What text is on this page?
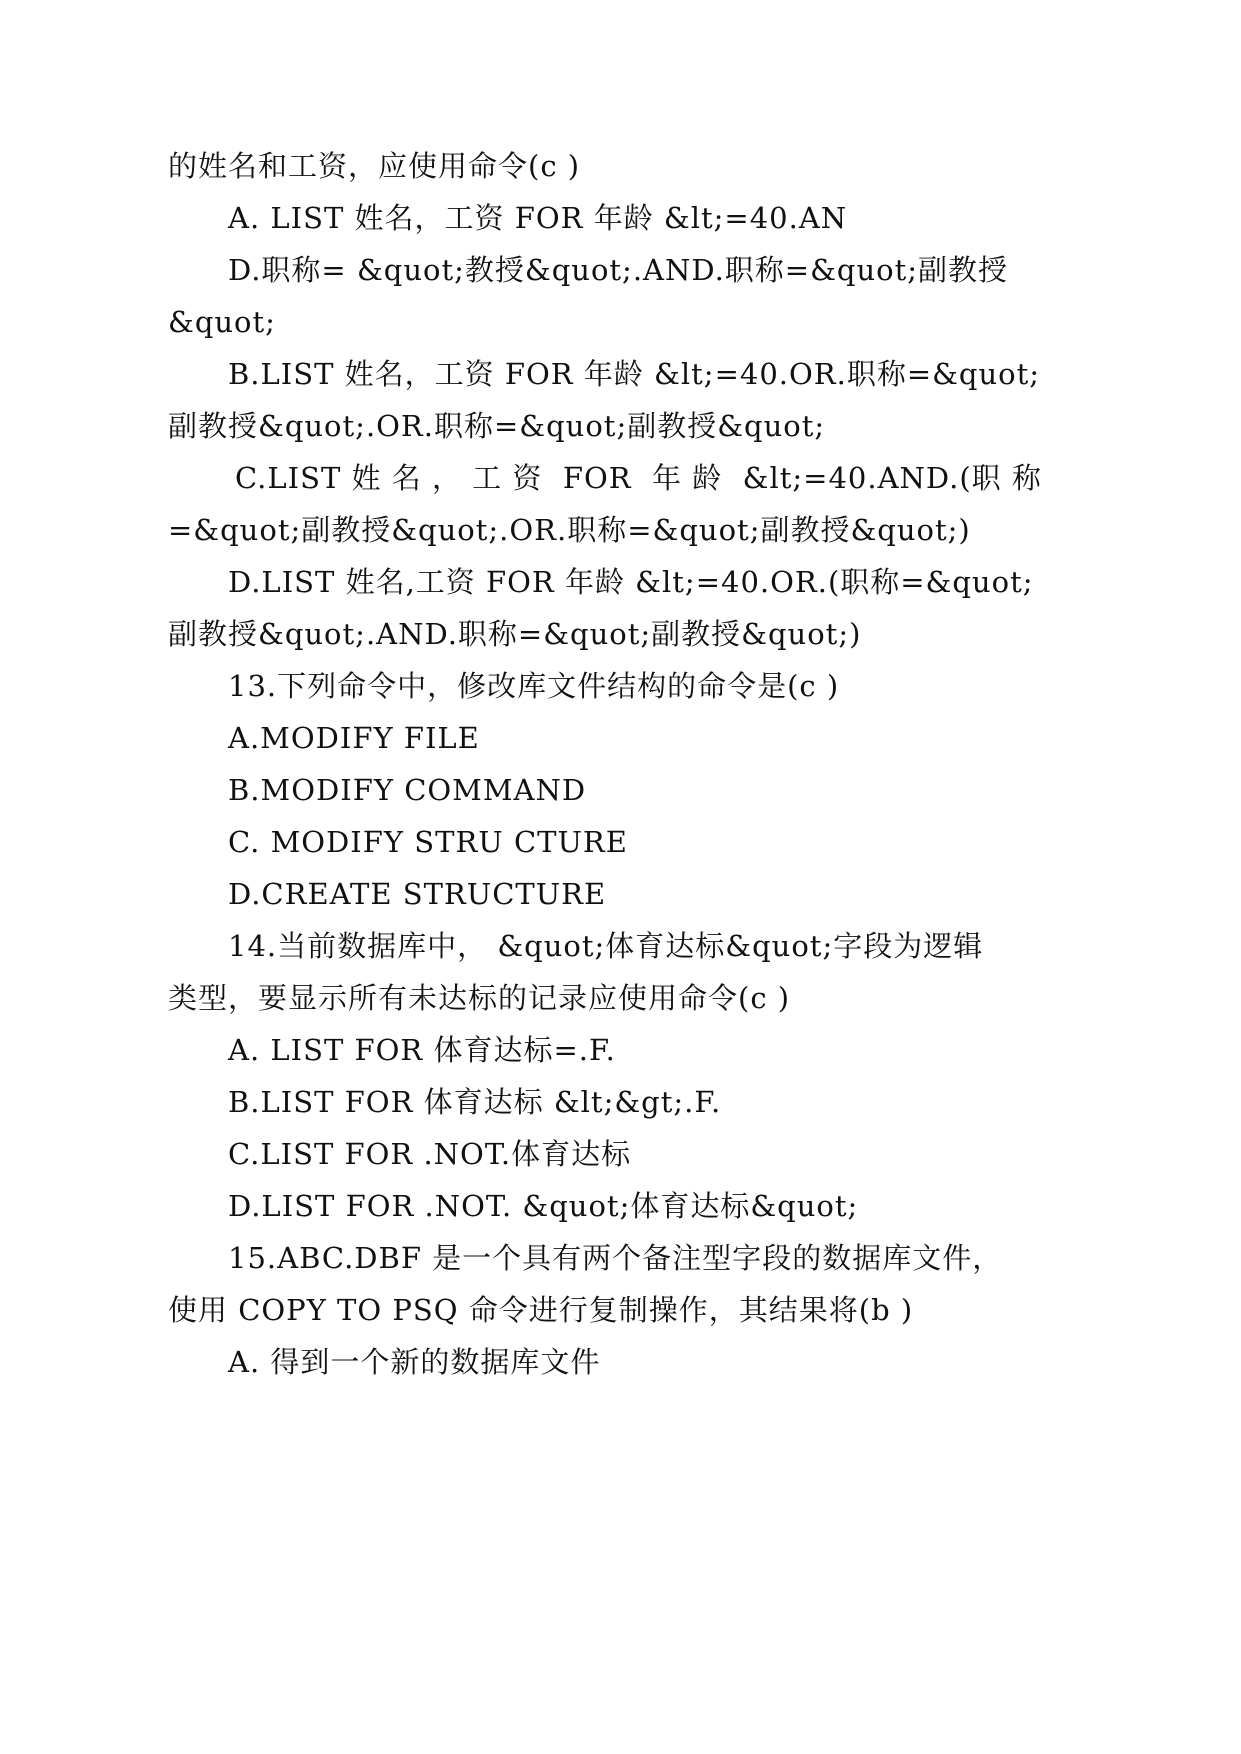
的姓名和工资，应使用命令(c )
A. LIST 姓名，工资 FOR 年龄 &lt;=40.AN
D.职称= &quot;教授&quot;.AND.职称=&quot;副教授
&quot;
B.LIST 姓名，工资 FOR 年龄 &lt;=40.OR.职称=&quot;
副教授&quot;.OR.职称=&quot;副教授&quot;
C.LIST 姓 名 ， 工 资  FOR  年 龄  &lt;=40.AND.(职 称
=&quot;副教授&quot;.OR.职称=&quot;副教授&quot;)
D.LIST 姓名,工资 FOR 年龄 &lt;=40.OR.(职称=&quot;
副教授&quot;.AND.职称=&quot;副教授&quot;)
13.下列命令中，修改库文件结构的命令是(c )
A.MODIFY FILE
B.MODIFY COMMAND
C. MODIFY STRU CTURE
D.CREATE STRUCTURE
14.当前数据库中， &quot;体育达标&quot;字段为逻辑
类型，要显示所有未达标的记录应使用命令(c )
A. LIST FOR 体育达标=.F.
B.LIST FOR 体育达标 &lt;&gt;.F.
C.LIST FOR .NOT.体育达标
D.LIST FOR .NOT. &quot;体育达标&quot;
15.ABC.DBF 是一个具有两个备注型字段的数据库文件，
使用 COPY TO PSQ 命令进行复制操作，其结果将(b )
A. 得到一个新的数据库文件
